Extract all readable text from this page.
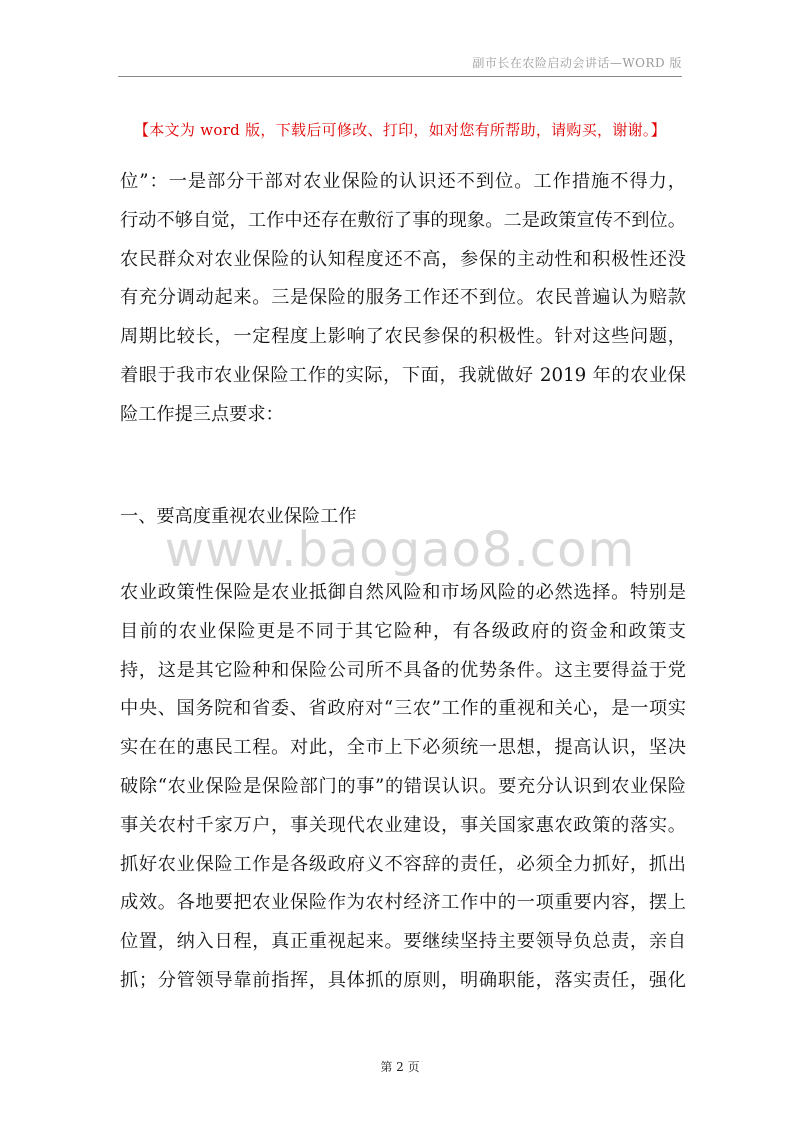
副市长在农险启动会讲话—WORD 版
【本文为 word 版，下载后可修改、打印，如对您有所帮助，请购买，谢谢。】
位”：一是部分干部对农业保险的认识还不到位。工作措施不得力，
行动不够自觉，工作中还存在敷衍了事的现象。二是政策宣传不到位。
农民群众对农业保险的认知程度还不高，参保的主动性和积极性还没
有充分调动起来。三是保险的服务工作还不到位。农民普遍认为赔款
周期比较长，一定程度上影响了农民参保的积极性。针对这些问题，
着眼于我市农业保险工作的实际，下面，我就做好 2019 年的农业保
险工作提三点要求：
一、要高度重视农业保险工作
www.baogao8.com
农业政策性保险是农业抵御自然风险和市场风险的必然选择。特别是
目前的农业保险更是不同于其它险种，有各级政府的资金和政策支
持，这是其它险种和保险公司所不具备的优势条件。这主要得益于党
中央、国务院和省委、省政府对“三农”工作的重视和关心，是一项实
实在在的惠民工程。对此，全市上下必须统一思想，提高认识，坚决
破除“农业保险是保险部门的事”的错误认识。要充分认识到农业保险
事关农村千家万户，事关现代农业建设，事关国家惠农政策的落实。
抓好农业保险工作是各级政府义不容辞的责任，必须全力抓好，抓出
成效。各地要把农业保险作为农村经济工作中的一项重要内容，摆上
位置，纳入日程，真正重视起来。要继续坚持主要领导负总责，亲自
抓；分管领导靠前指挥，具体抓的原则，明确职能，落实责任，强化
第 2 页
